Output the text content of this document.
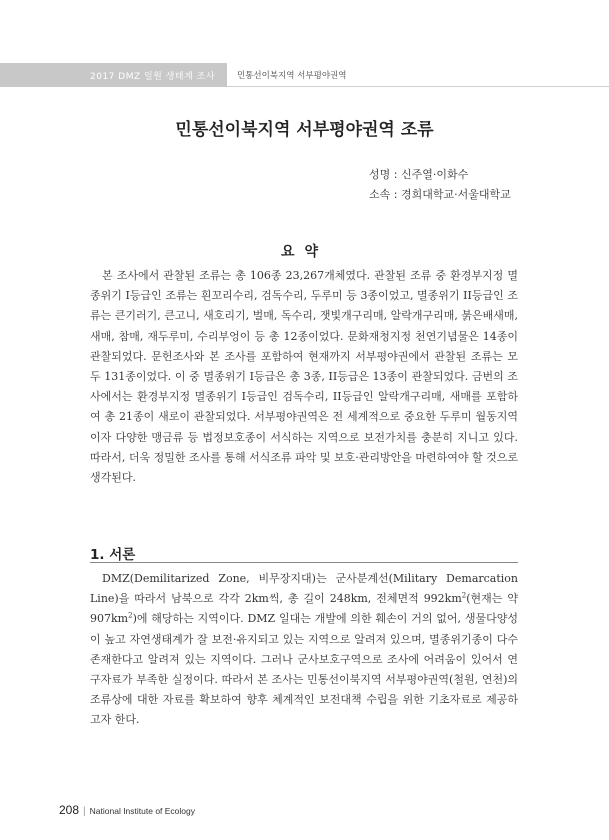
2017 DMZ 일원 생태계 조사	민통선이북지역 서부평야권역
민통선이북지역 서부평야권역 조류
성명 : 신주열·이화수
소속 : 경희대학교·서울대학교
요약

본 조사에서 관찰된 조류는 총 106종 23,267개체였다. 관찰된 조류 중 환경부지정 멸종위기 I등급인 조류는 흰꼬리수리, 검독수리, 두루미 등 3종이었고, 멸종위기 II등급인 조류는 큰기러기, 큰고니, 새호리기, 벌매, 독수리, 잿빛개구리매, 알락개구리매, 붉은배새매, 새매, 참매, 재두루미, 수리부엉이 등 총 12종이었다. 문화재청지정 천연기념물은 14종이 관찰되었다. 문헌조사와 본 조사를 포함하여 현재까지 서부평야권에서 관찰된 조류는 모두 131종이었다. 이 중 멸종위기 I등급은 총 3종, II등급은 13종이 관찰되었다. 금번의 조사에서는 환경부지정 멸종위기 I등급인 검독수리, II등급인 알락개구리매, 새매를 포함하여 총 21종이 새로이 관찰되었다. 서부평야권역은 전 세계적으로 중요한 두루미 월동지역이자 다양한 맹금류 등 법정보호종이 서식하는 지역으로 보전가치를 충분히 지니고 있다. 따라서, 더욱 정밀한 조사를 통해 서식조류 파악 및 보호·관리방안을 마련하여야 할 것으로 생각된다.

1. 서론

DMZ(Demilitarized Zone, 비무장지대)는 군사분계선(Military Demarcation Line)을 따라서 남북으로 각각 2km씩, 총 길이 248km, 전체면적 $992km^2$(현재는 약 $907km^2$)에 해당하는 지역이다. DMZ 일대는 개발에 의한 훼손이 거의 없어, 생물다양성이 높고 자연생태계가 잘 보전·유지되고 있는 지역으로 알려져 있으며, 멸종위기종이 다수 존재한다고 알려져 있는 지역이다. 그러나 군사보호구역으로 조사에 어려움이 있어서 연구자료가 부족한 실정이다. 따라서 본 조사는 민통선이북지역 서부평야권역(철원, 연천)의 조류상에 대한 자료를 확보하여 향후 체계적인 보전대책 수립을 위한 기초자료로 제공하고자 한다.

208 | National Institute of Ecology
